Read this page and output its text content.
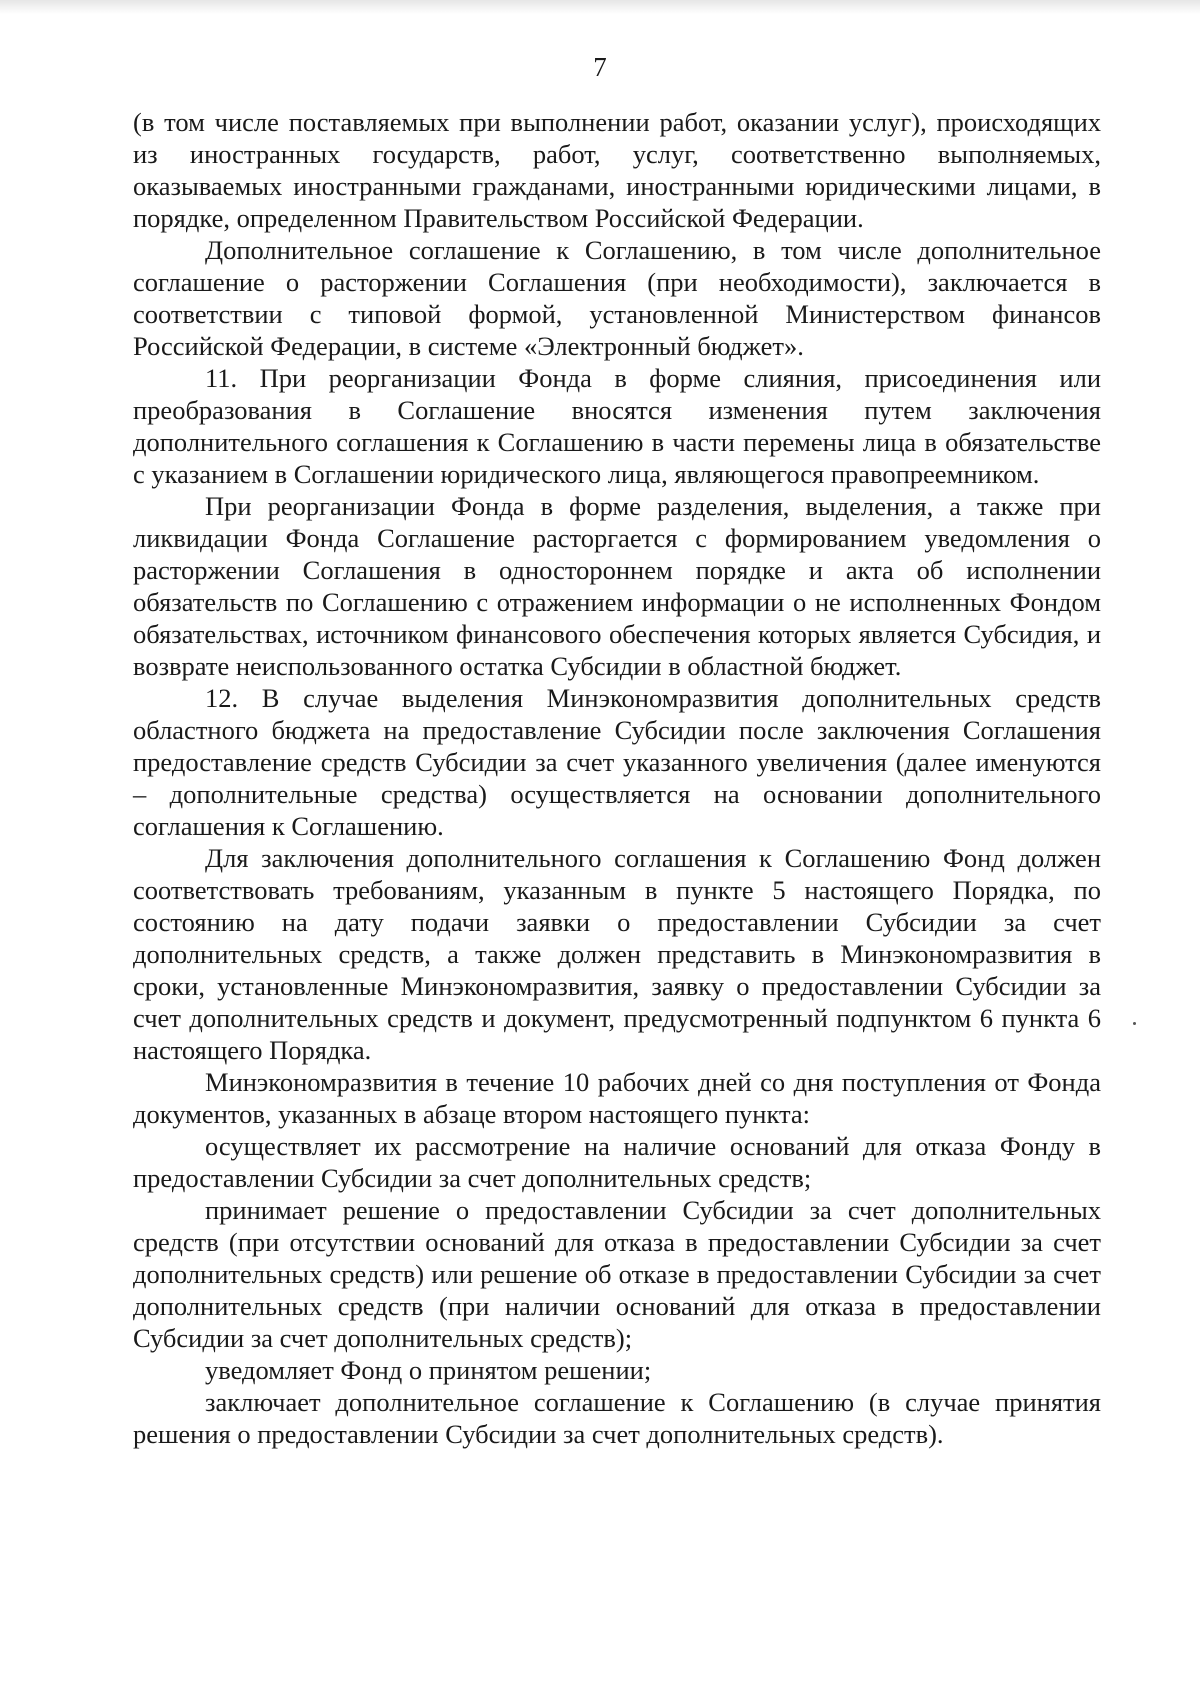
7

(в том числе поставляемых при выполнении работ, оказании услуг), происходящих из иностранных государств, работ, услуг, соответственно выполняемых, оказываемых иностранными гражданами, иностранными юридическими лицами, в порядке, определенном Правительством Российской Федерации.

Дополнительное соглашение к Соглашению, в том числе дополнительное соглашение о расторжении Соглашения (при необходимости), заключается в соответствии с типовой формой, установленной Министерством финансов Российской Федерации, в системе «Электронный бюджет».

11. При реорганизации Фонда в форме слияния, присоединения или преобразования в Соглашение вносятся изменения путем заключения дополнительного соглашения к Соглашению в части перемены лица в обязательстве с указанием в Соглашении юридического лица, являющегося правопреемником.

При реорганизации Фонда в форме разделения, выделения, а также при ликвидации Фонда Соглашение расторгается с формированием уведомления о расторжении Соглашения в одностороннем порядке и акта об исполнении обязательств по Соглашению с отражением информации о не исполненных Фондом обязательствах, источником финансового обеспечения которых является Субсидия, и возврате неиспользованного остатка Субсидии в областной бюджет.

12. В случае выделения Минэкономразвития дополнительных средств областного бюджета на предоставление Субсидии после заключения Соглашения предоставление средств Субсидии за счет указанного увеличения (далее именуются – дополнительные средства) осуществляется на основании дополнительного соглашения к Соглашению.

Для заключения дополнительного соглашения к Соглашению Фонд должен соответствовать требованиям, указанным в пункте 5 настоящего Порядка, по состоянию на дату подачи заявки о предоставлении Субсидии за счет дополнительных средств, а также должен представить в Минэкономразвития в сроки, установленные Минэкономразвития, заявку о предоставлении Субсидии за счет дополнительных средств и документ, предусмотренный подпунктом 6 пункта 6 настоящего Порядка.

Минэкономразвития в течение 10 рабочих дней со дня поступления от Фонда документов, указанных в абзаце втором настоящего пункта:

осуществляет их рассмотрение на наличие оснований для отказа Фонду в предоставлении Субсидии за счет дополнительных средств;

принимает решение о предоставлении Субсидии за счет дополнительных средств (при отсутствии оснований для отказа в предоставлении Субсидии за счет дополнительных средств) или решение об отказе в предоставлении Субсидии за счет дополнительных средств (при наличии оснований для отказа в предоставлении Субсидии за счет дополнительных средств);

уведомляет Фонд о принятом решении;

заключает дополнительное соглашение к Соглашению (в случае принятия решения о предоставлении Субсидии за счет дополнительных средств).
